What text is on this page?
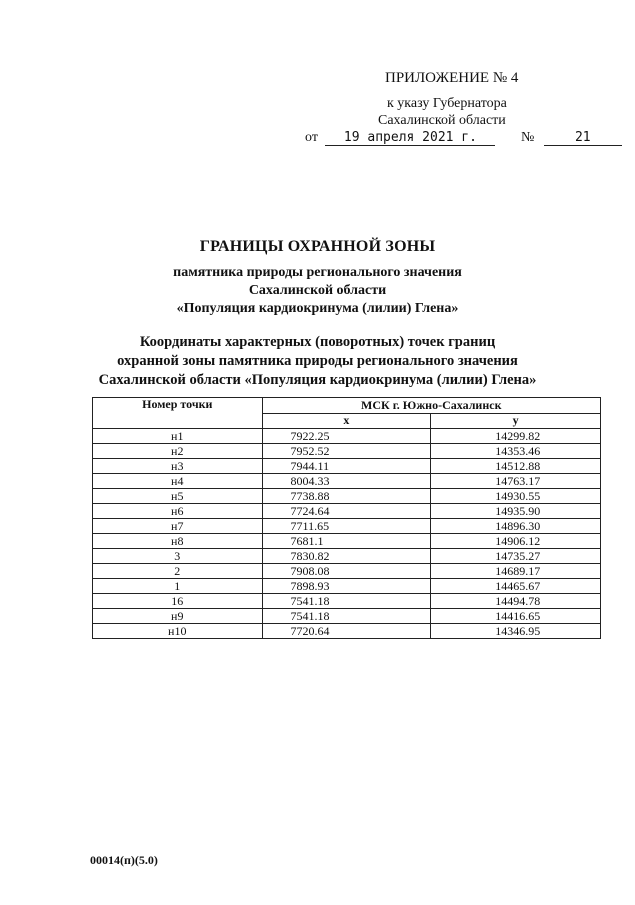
ПРИЛОЖЕНИЕ № 4
к указу Губернатора
Сахалинской области
от 19 апреля 2021 г.	№	21
ГРАНИЦЫ ОХРАННОЙ ЗОНЫ
памятника природы регионального значения
Сахалинской области
«Популяция кардиокринума (лилии) Глена»
Координаты характерных (поворотных) точек границ
охранной зоны памятника природы регионального значения
Сахалинской области «Популяция кардиокринума (лилии) Глена»
Номер точки	МСК г. Южно-Сахалинск	
	x	y
н1	7922.25	14299.82
н2	7952.52	14353.46
н3	7944.11	14512.88
н4	8004.33	14763.17
н5	7738.88	14930.55
н6	7724.64	14935.90
н7	7711.65	14896.30
н8	7681.1	14906.12
3	7830.82	14735.27
2	7908.08	14689.17
1	7898.93	14465.67
16	7541.18	14494.78
н9	7541.18	14416.65
н10	7720.64	14346.95
00014(п)(5.0)
